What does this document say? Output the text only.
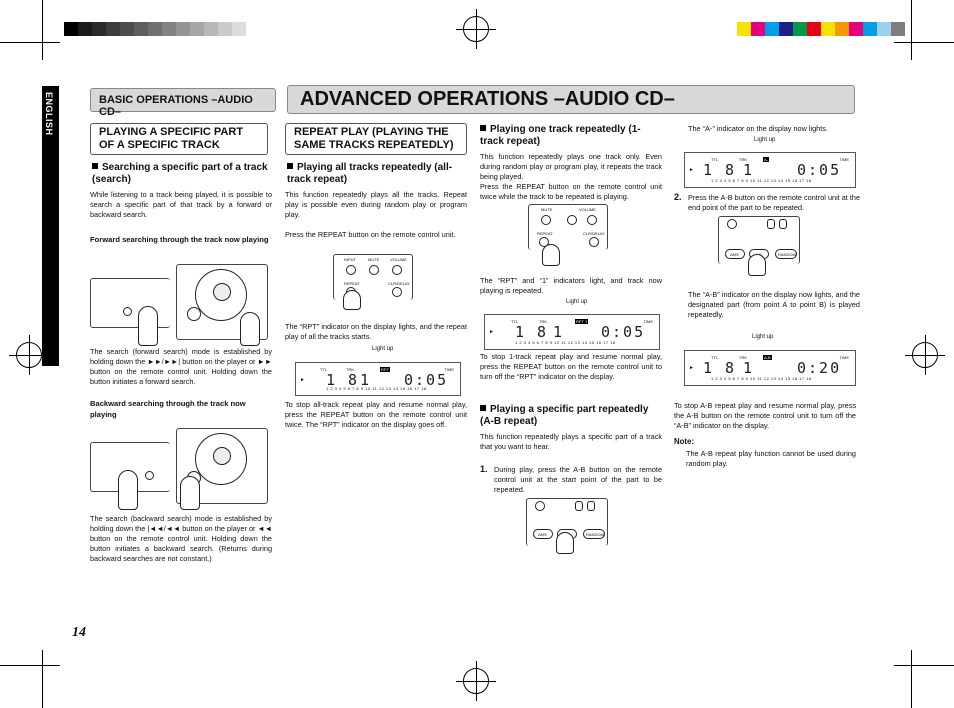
ENGLISH	BASIC OPERATIONS –AUDIO CD–
ADVANCED OPERATIONS –AUDIO CD–
PLAYING A SPECIFIC PART OF A SPECIFIC TRACK
Searching a specific part of a track (search)
While listening to a track being played, it is possible to search a specific part of that track by a forward or backward search.
Forward searching through the track now playing
The search (forward search) mode is established by holding down the ►►/►►| button on the player or ►► button on the remote control unit. Holding down the button initiates a forward search.
Backward searching through the track now playing
The search (backward search) mode is established by holding down the |◄◄/◄◄ button on the player or ◄◄ button on the remote control unit. Holding down the button initiates a backward search. (Returns during backward searches are not constant.)
REPEAT PLAY (PLAYING THE SAME TRACKS REPEATEDLY)
Playing all tracks repeatedly (all-track repeat)
This function repeatedly plays all the tracks. Repeat play is possible even during random play or program play.
Press the REPEAT button on the remote control unit.
INPUT	MUTE	VOLUME
REPEAT	CLR/DELAY
The “RPT” indicator on the display lights, and the repeat play of all the tracks starts.
Light up
TTL	TRK	RPT	TIME
► 1 8 1 0:05
1 2 3 4 5 6 7 8 9 10 11 12 13 14 15 16 17 18
To stop all-track repeat play and resume normal play, press the REPEAT button on the remote control unit twice. The “RPT” indicator on the display goes off.
Playing one track repeatedly (1-track repeat)
This function repeatedly plays one track only. Even during random play or program play, it repeats the track being played.
Press the REPEAT button on the remote control unit twice while the track to be repeated is playing.
MUTE	VOLUME
REPEAT	CLR/DELAY
The “RPT” and “1” indicators light, and track now playing is repeated.
Light up
TTL	TRK	RPT 1	TIME
► 1 8 1 0:05
1 2 3 4 5 6 7 8 9 10 11 12 13 14 15 16 17 18
To stop 1-track repeat play and resume normal play, press the REPEAT button on the remote control unit to turn off the “RPT” indicator on the display.
Playing a specific part repeatedly (A-B repeat)
This function repeatedly plays a specific part of a track that you want to hear.
1. During play, press the A-B button on the remote control unit at the start point of the part to be repeated.
AMS	RANDOM
The “A-” indicator on the display now lights.
Light up
TTL	TRK	A-	TIME
► 1 8 1	0:05
1 2 3 4 5 6 7 8 9 10 11 12 13 14 15 16 17 18
2. Press the A-B button on the remote control unit at the end point of the part to be repeated.
AMS	RANDOM
The “A-B” indicator on the display now lights, and the designated part (from point A to point B) is played repeatedly.
Light up
TTL	TRK	A-B	TIME
► 1 8 1	0:20
1 2 3 4 5 6 7 8 9 10 11 12 13 14 15 16 17 18
To stop A-B repeat play and resume normal play, press the A-B button on the remote control unit to turn off the “A-B” indicator on the display.
Note:
The A-B repeat play function cannot be used during random play.
14
